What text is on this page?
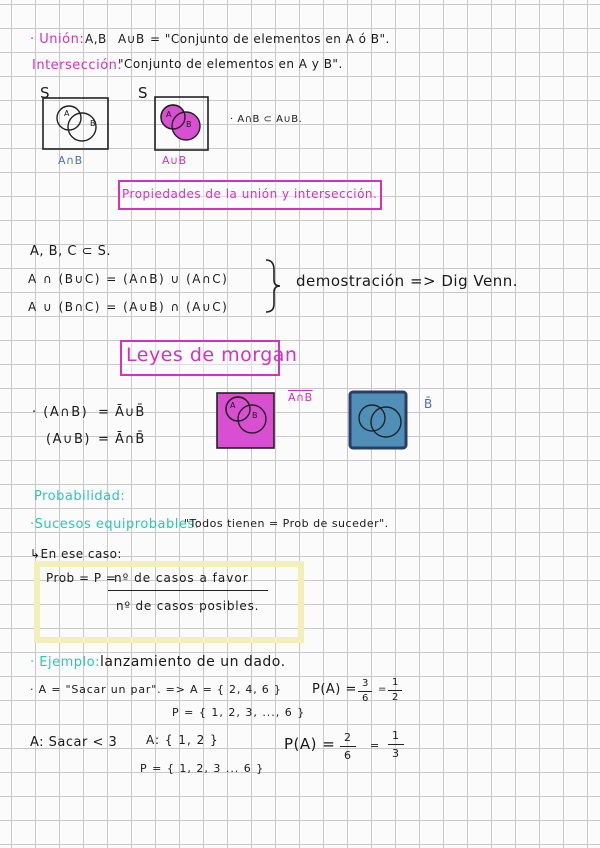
· Unión: A,B A∪B = "Conjunto de elementos en A ó B".
Intersección:
"Conjunto de elementos en A y B".
S
A
B
A∩B
S
A
B
A∪B
· A∩B ⊂ A∪B.
Propiedades de la unión y intersección.
A, B, C ⊂ S.
A ∩ (B∪C) = (A∩B) ∪ (A∩C)
A ∪ (B∩C) = (A∪B) ∩ (A∪C)
demostración => Dig Venn.
Leyes de morgan
· (A∩B) = Ā∪B̄
(A∪B) = Ā∩B̄
A
B
A∩B	B̄
Probabilidad:
·Sucesos equiprobables:
"Todos tienen = Prob de suceder".
↳En ese caso:
Prob = P =
nº de casos a favor
nº de casos posibles.
· Ejemplo: lanzamiento de un dado.
· A = "Sacar un par". => A = { 2, 4, 6 } P(A) = 3
6
=
1
2
P = { 1, 2, 3, ..., 6 }
A: Sacar < 3 A: { 1, 2 }	P(A) = 2
6
=
1
3
P = { 1, 2, 3 ... 6 }
